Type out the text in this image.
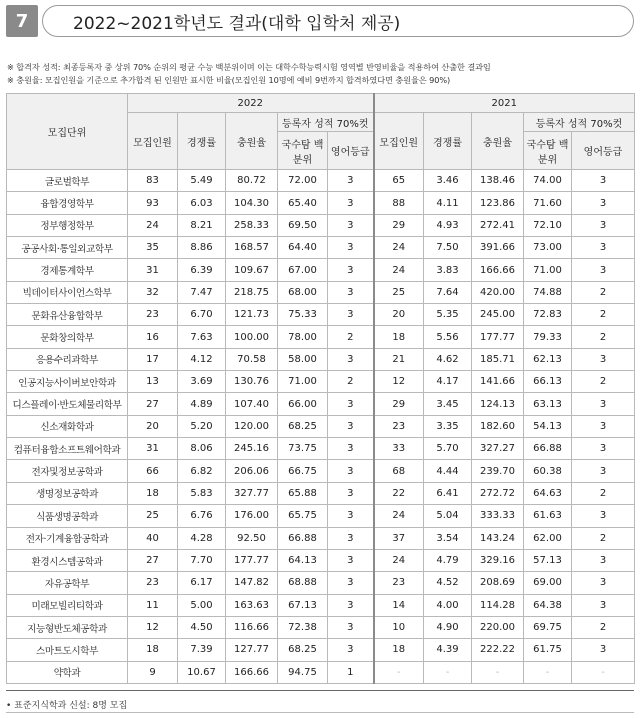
7	2022~2021학년도 결과(대학 입학처 제공)
※ 합격자 성적: 최종등록자 중 상위 70% 순위의 평균 수능 백분위이며 이는 대학수학능력시험 영역별 반영비율을 적용하여 산출한 결과임
※ 충원율: 모집인원을 기준으로 추가합격 된 인원만 표시한 비율(모집인원 10명에 예비 9번까지 합격하였다면 충원율은 90%)
모집단위	2022					2021				
	모집인원	경쟁률	충원율	등록자 성적 70%컷		모집인원	경쟁률	충원율	등록자 성적 70%컷	
				국수탐 백분위	영어등급				국수탐 백분위	영어등급
글로벌학부	83	5.49	80.72	72.00	3	65	3.46	138.46	74.00	3
융합경영학부	93	6.03	104.30	65.40	3	88	4.11	123.86	71.60	3
정부행정학부	24	8.21	258.33	69.50	3	29	4.93	272.41	72.10	3
공공사회·통일외교학부	35	8.86	168.57	64.40	3	24	7.50	391.66	73.00	3
경제통계학부	31	6.39	109.67	67.00	3	24	3.83	166.66	71.00	3
빅데이터사이언스학부	32	7.47	218.75	68.00	3	25	7.64	420.00	74.88	2
문화유산융합학부	23	6.70	121.73	75.33	3	20	5.35	245.00	72.83	2
문화창의학부	16	7.63	100.00	78.00	2	18	5.56	177.77	79.33	2
응용수리과학부	17	4.12	70.58	58.00	3	21	4.62	185.71	62.13	3
인공지능사이버보안학과	13	3.69	130.76	71.00	2	12	4.17	141.66	66.13	2
디스플레이·반도체물리학부	27	4.89	107.40	66.00	3	29	3.45	124.13	63.13	3
신소재화학과	20	5.20	120.00	68.25	3	23	3.35	182.60	54.13	3
컴퓨터융합소프트웨어학과	31	8.06	245.16	73.75	3	33	5.70	327.27	66.88	3
전자및정보공학과	66	6.82	206.06	66.75	3	68	4.44	239.70	60.38	3
생명정보공학과	18	5.83	327.77	65.88	3	22	6.41	272.72	64.63	2
식품생명공학과	25	6.76	176.00	65.75	3	24	5.04	333.33	61.63	3
전자·기계융합공학과	40	4.28	92.50	66.88	3	37	3.54	143.24	62.00	2
환경시스템공학과	27	7.70	177.77	64.13	3	24	4.79	329.16	57.13	3
자유공학부	23	6.17	147.82	68.88	3	23	4.52	208.69	69.00	3
미래모빌리티학과	11	5.00	163.63	67.13	3	14	4.00	114.28	64.38	3
지능형반도체공학과	12	4.50	116.66	72.38	3	10	4.90	220.00	69.75	2
스마트도시학부	18	7.39	127.77	68.25	3	18	4.39	222.22	61.75	3
약학과	9	10.67	166.66	94.75	1	-	-	-	-	-
• 표준지식학과 신설: 8명 모집
